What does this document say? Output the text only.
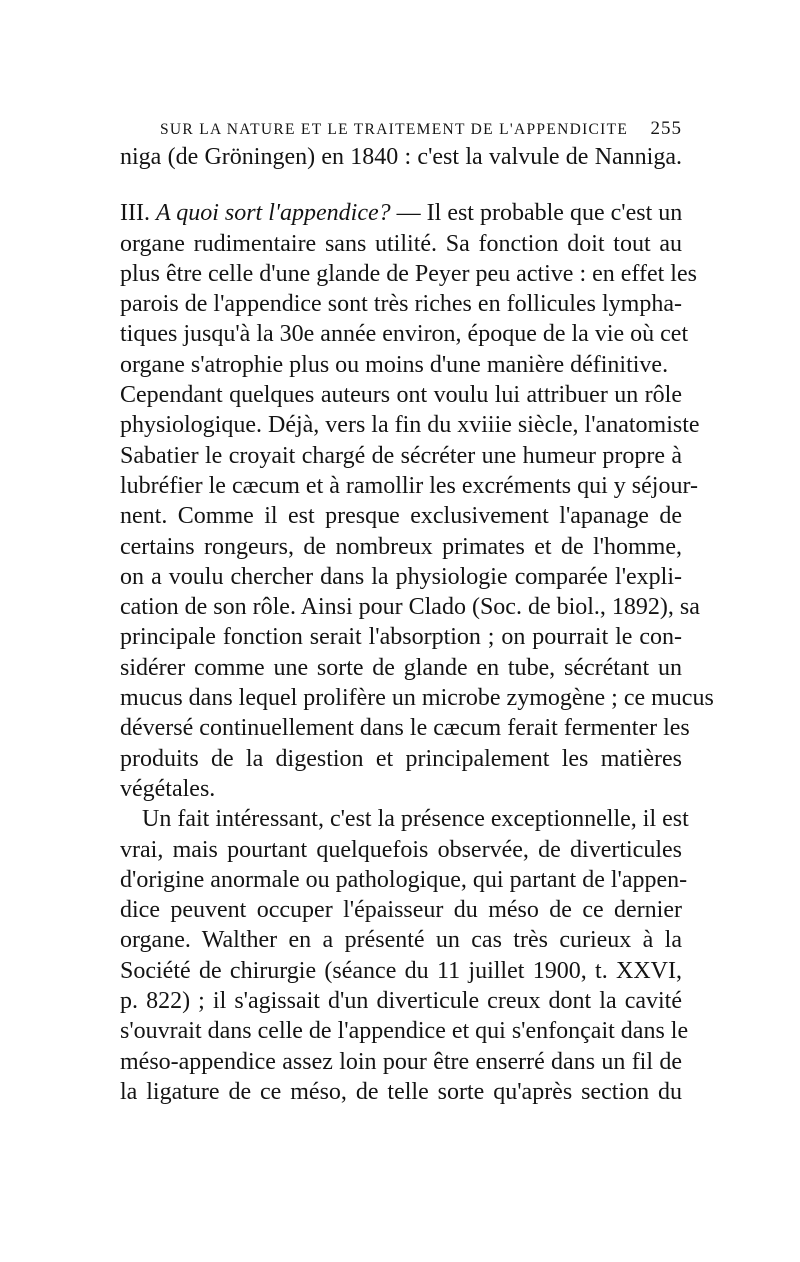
SUR LA NATURE ET LE TRAITEMENT DE L'APPENDICITE 255
niga (de Gröningen) en 1840 : c'est la valvule de Nanniga.
III. A quoi sort l'appendice? — Il est probable que c'est un
organe rudimentaire sans utilité. Sa fonction doit tout au
plus être celle d'une glande de Peyer peu active : en effet les
parois de l'appendice sont très riches en follicules lympha-
tiques jusqu'à la 30e année environ, époque de la vie où cet
organe s'atrophie plus ou moins d'une manière définitive.
Cependant quelques auteurs ont voulu lui attribuer un rôle
physiologique. Déjà, vers la fin du xviiie siècle, l'anatomiste
Sabatier le croyait chargé de sécréter une humeur propre à
lubréfier le cæcum et à ramollir les excréments qui y séjour-
nent. Comme il est presque exclusivement l'apanage de
certains rongeurs, de nombreux primates et de l'homme,
on a voulu chercher dans la physiologie comparée l'expli-
cation de son rôle. Ainsi pour Clado (Soc. de biol., 1892), sa
principale fonction serait l'absorption ; on pourrait le con-
sidérer comme une sorte de glande en tube, sécrétant un
mucus dans lequel prolifère un microbe zymogène ; ce mucus
déversé continuellement dans le cæcum ferait fermenter les
produits de la digestion et principalement les matières
végétales.
Un fait intéressant, c'est la présence exceptionnelle, il est
vrai, mais pourtant quelquefois observée, de diverticules
d'origine anormale ou pathologique, qui partant de l'appen-
dice peuvent occuper l'épaisseur du méso de ce dernier
organe. Walther en a présenté un cas très curieux à la
Société de chirurgie (séance du 11 juillet 1900, t. XXVI,
p. 822) ; il s'agissait d'un diverticule creux dont la cavité
s'ouvrait dans celle de l'appendice et qui s'enfonçait dans le
méso-appendice assez loin pour être enserré dans un fil de
la ligature de ce méso, de telle sorte qu'après section du
